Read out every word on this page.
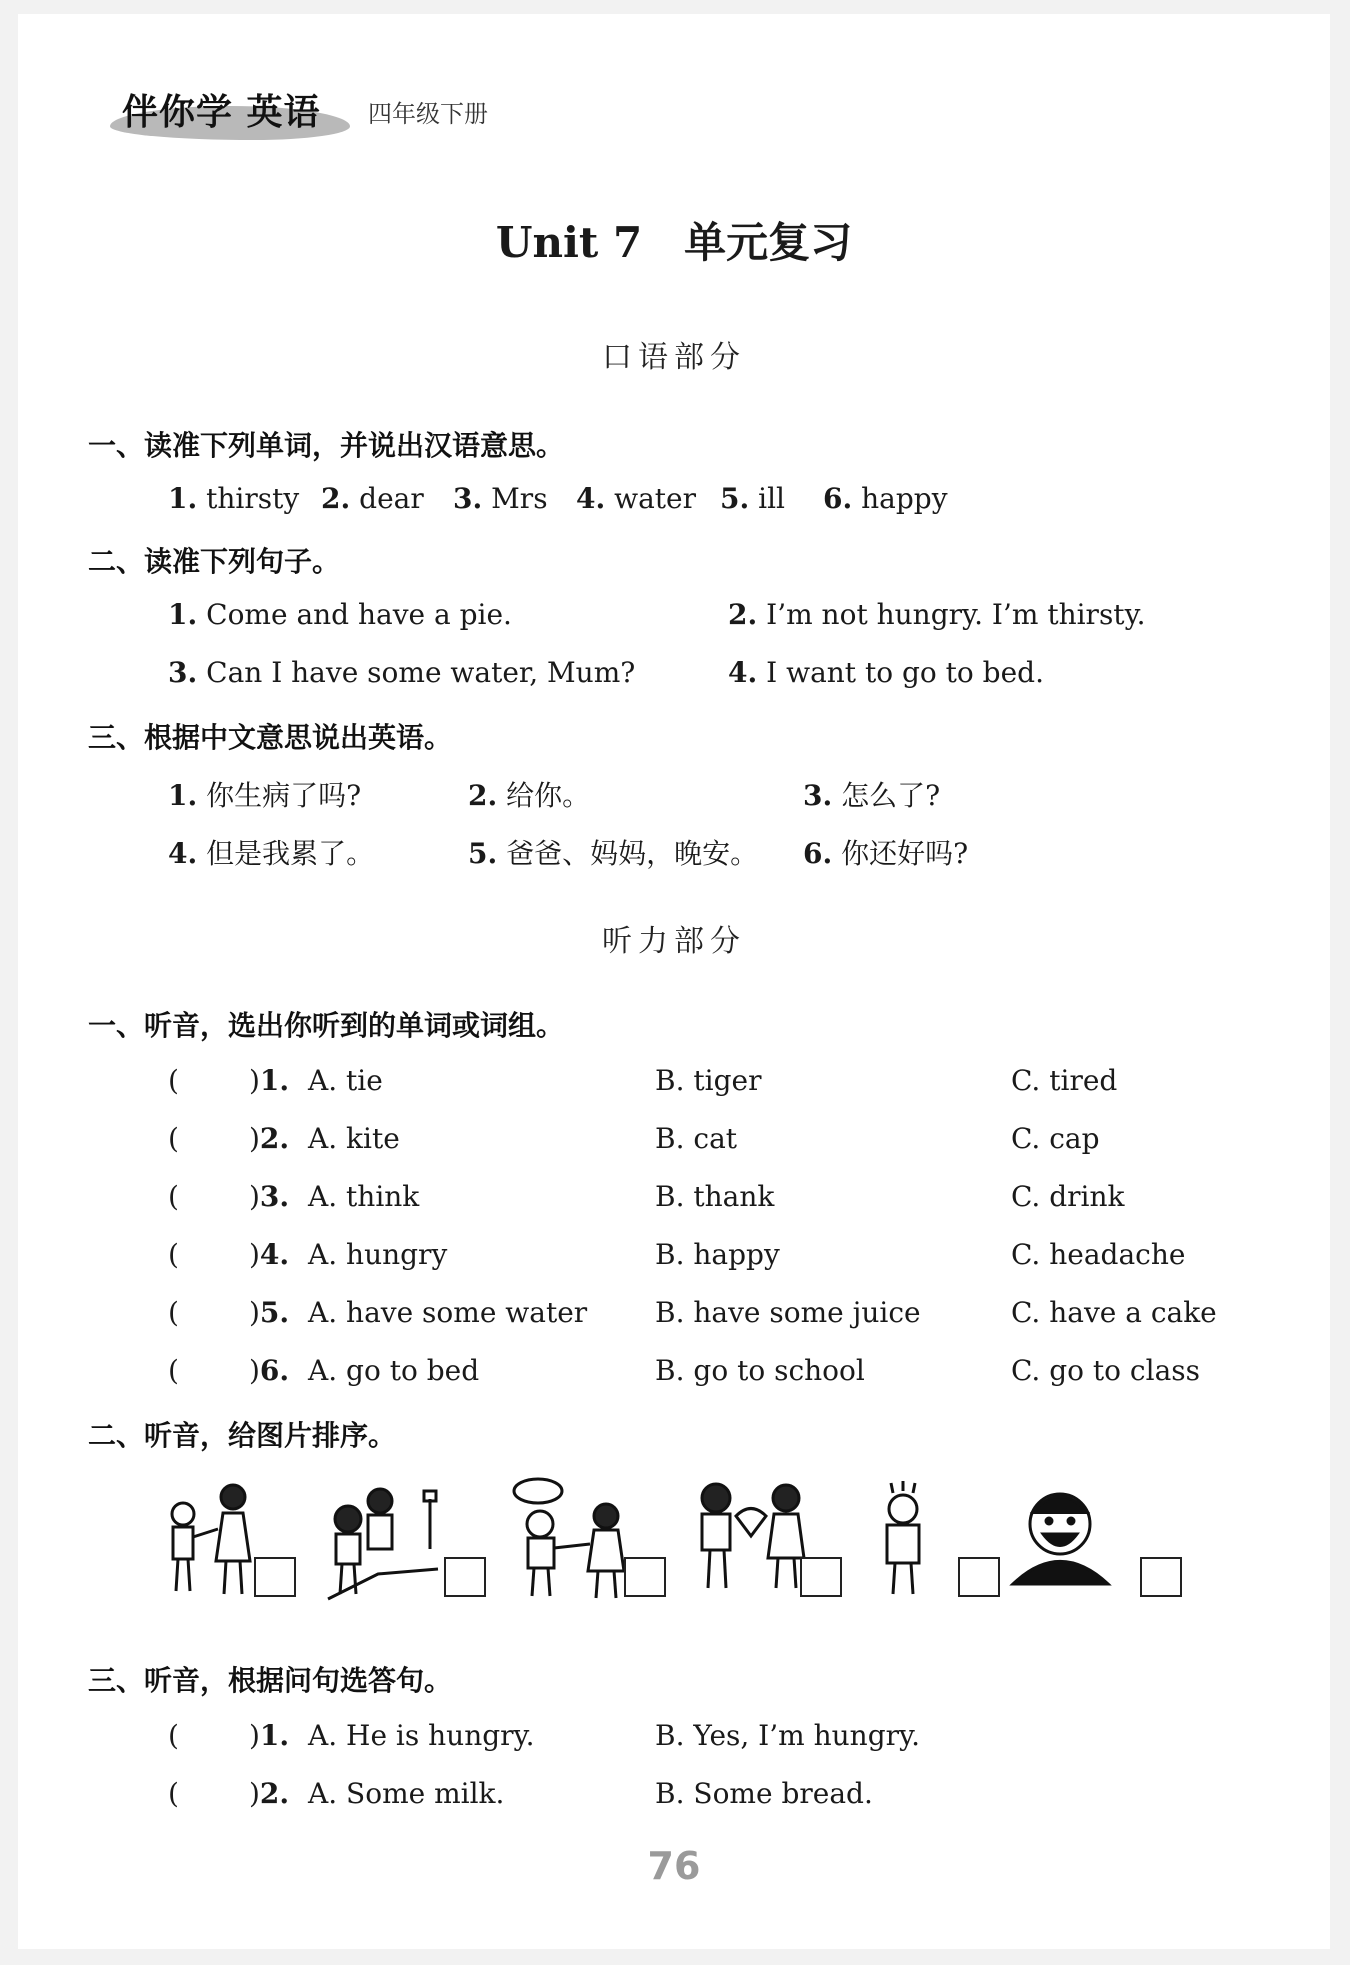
伴你学 英语 四年级下册
Unit 7　单元复习
口语部分
一、读准下列单词，并说出汉语意思。
1. thirsty 2. dear 3. Mrs 4. water 5. ill 6. happy
二、读准下列句子。
1. Come and have a pie.	2. I’m not hungry. I’m thirsty.
3. Can I have some water, Mum?	4. I want to go to bed.
三、根据中文意思说出英语。
1. 你生病了吗?	2. 给你。	3. 怎么了?
4. 但是我累了。	5. 爸爸、妈妈，晚安。 6. 你还好吗?
听力部分
一、听音，选出你听到的单词或词组。
(	)1. A. tie	B. tiger	C. tired
(	)2. A. kite	B. cat	C. cap
(	)3. A. think	B. thank	C. drink
(	)4. A. hungry	B. happy	C. headache
(	)5. A. have some water B. have some juice	C. have a cake
(	)6. A. go to bed	B. go to school	C. go to class
二、听音，给图片排序。
三、听音，根据问句选答句。
(	)1. A. He is hungry.	B. Yes, I’m hungry.
(	)2. A. Some milk.	B. Some bread.
76
